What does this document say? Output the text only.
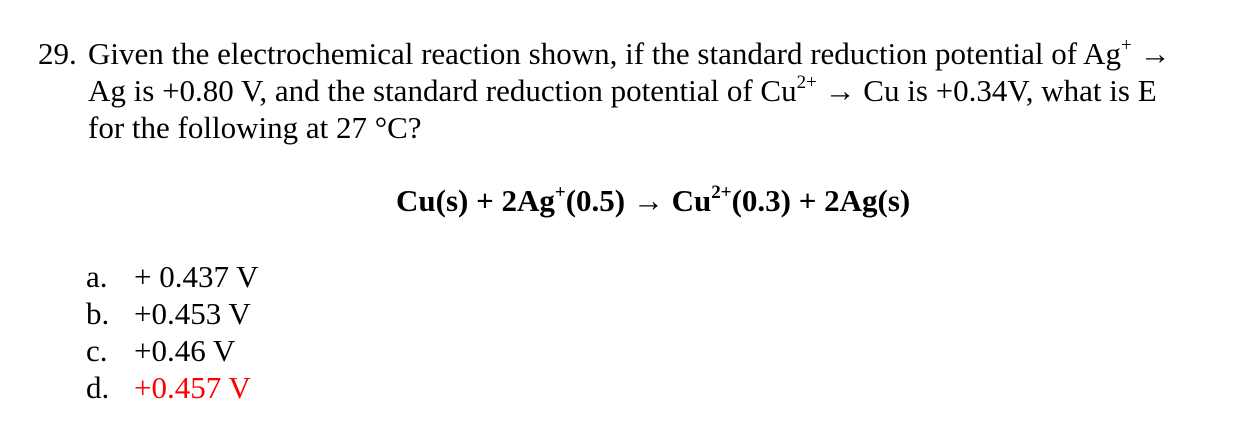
29. Given the electrochemical reaction shown, if the standard reduction potential of Ag+ →
Ag is +0.80 V, and the standard reduction potential of $Cu^{2+} \to Cu$ is +0.34V, what is E
for the following at 27 °C?
$Cu(s) + 2Ag^+(0.5) \to Cu^{2+}(0.3) + 2Ag(s)$
a. + 0.437 V
b. +0.453 V
c. +0.46 V
d. +0.457 V
